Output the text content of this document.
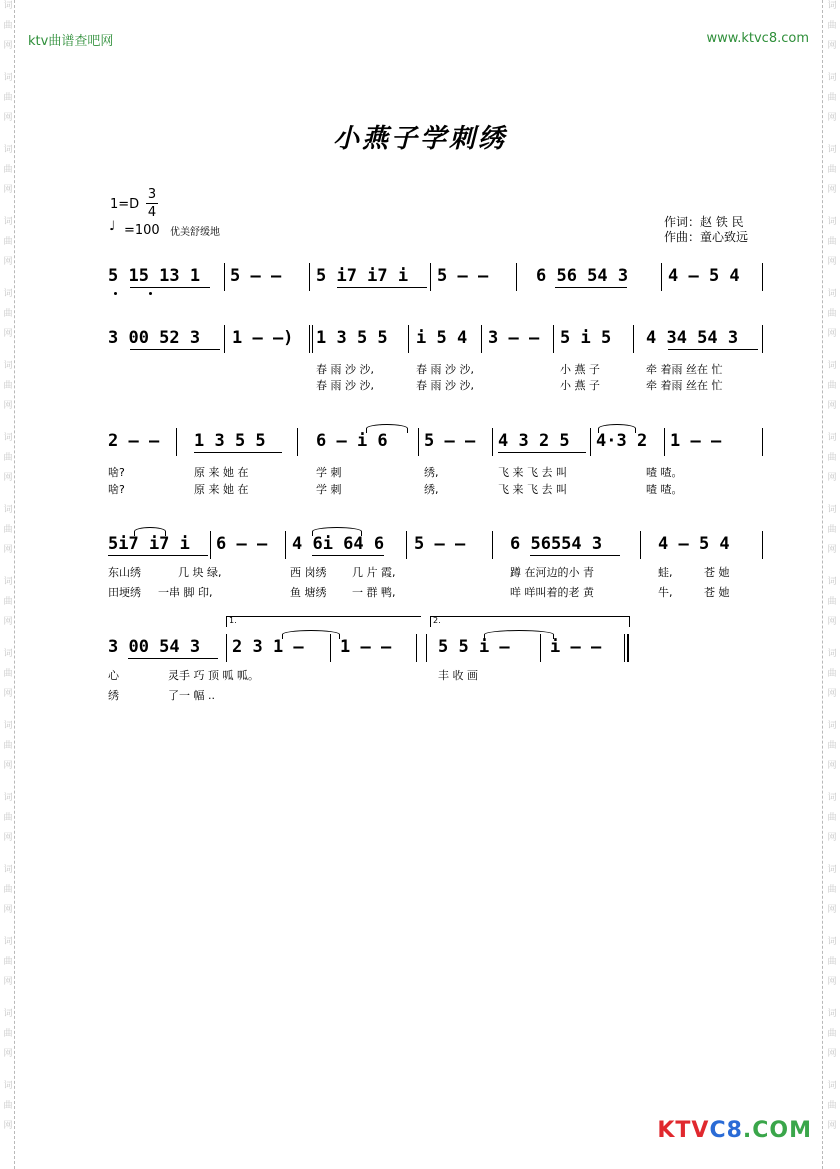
词
曲
网
词
曲
网
词
曲
网
词
曲
网
词
曲
网
词
曲
网
词
曲
网
词
曲
网
词
曲
网
词
曲
网
词
曲
网
词
曲
网
词
曲
网
词
曲
网
词
曲
网
词
曲
网
词
曲
网
词
曲
网
词
曲
网
词
曲
网
词
曲
网
词
曲
网
词
曲
网
词
曲
网
词
曲
网
词
曲
网
词
曲
网
词
曲
网
词
曲
网
词
曲
网
词
曲
网
词
曲
网
ktv曲谱查吧网	www.ktvc8.com
小燕子学刺绣
$1=D \frac{3}{4}$
♩ =100 优美舒缓地
作词：赵 铁 民
作曲：童心致远
5 15 13 1 5 — — 5 i7 i7 i 5 — —	6 56 54 3 4 — 5 4
3 00 52 3 1 — —) 1 3 5 5 i 5 4 3 — — 5 i 5 4 34 54 3
春 雨 沙 沙,	春 雨 沙 沙,	小 燕 子	牵 着雨 丝在 忙
春 雨 沙 沙,	春 雨 沙 沙,	小 燕 子	牵 着雨 丝在 忙
2 — — 1 3 5 5	6 — i 6 5 — — 4 3 2 5 4·3 2 1 — —
啥?	原 来 她 在	学 刺	绣,	飞 来 飞 去 叫	喳 喳。
啥?	原 来 她 在	学 刺	绣,	飞 来 飞 去 叫	喳 喳。
5i7 i7 i 6 — — 4 6i 64 6 5 — —	6 56554 3	4 — 5 4
东山绣	几 块 绿,	西 岗绣 几 片 霞,	蹲 在河边的小 青	蛙,	苍 她
田埂绣 一串 脚 印,	鱼 塘绣 一 群 鸭,	咩 咩叫着的老 黄	牛,	苍 她
3 00 54 3 2 3 1 — 1 — —	5 5 i — i — —
1.	2.
心	灵手 巧 顶 呱 呱。	丰 收 画
绣	了一 幅 ..
KTVC8.COM
